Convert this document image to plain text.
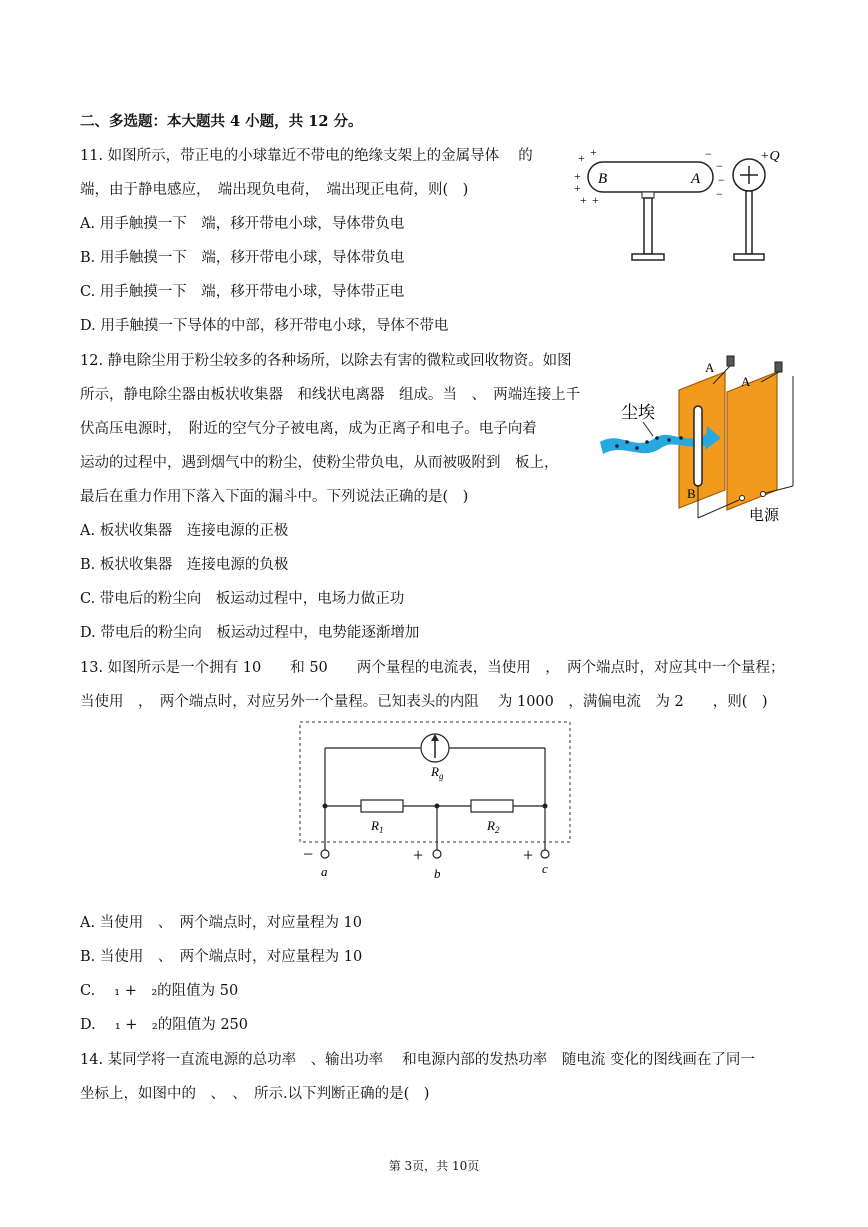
二、多选题：本大题共 4 小题，共 12 分。
11. 如图所示，带正电的小球靠近不带电的绝缘支架上的金属导体　 的
端，由于静电感应，　端出现负电荷，　端出现正电荷，则(　)
A. 用手触摸一下　端，移开带电小球，导体带负电
B. 用手触摸一下　端，移开带电小球，导体带负电
C. 用手触摸一下　端，移开带电小球，导体带正电
D. 用手触摸一下导体的中部，移开带电小球，导体不带电
B	A
+ +
+
+
+ +
−
−
−
−
+Q
12. 静电除尘用于粉尘较多的各种场所，以除去有害的微粒或回收物资。如图
所示，静电除尘器由板状收集器　和线状电离器　组成。当　、　两端连接上千
伏高压电源时，　附近的空气分子被电离，成为正离子和电子。电子向着
运动的过程中，遇到烟气中的粉尘，使粉尘带负电，从而被吸附到　板上，
最后在重力作用下落入下面的漏斗中。下列说法正确的是(　)
A. 板状收集器　连接电源的正极
B. 板状收集器　连接电源的负极
C. 带电后的粉尘向　板运动过程中，电场力做正功
D. 带电后的粉尘向　板运动过程中，电势能逐渐增加
尘埃
B
A
A
电源
13. 如图所示是一个拥有 10　　和 50　　两个量程的电流表，当使用　，　两个端点时，对应其中一个量程；
当使用　，　两个端点时，对应另外一个量程。已知表头的内阻　 为 1000　，满偏电流　为 2　　，则(　)
$R_g$
$R_1$	$R_2$
−	+	+
a	b	c
A. 当使用　、　两个端点时，对应量程为 10
B. 当使用　、　两个端点时，对应量程为 10
C. 　₁ +　₂的阻值为 50
D. 　₁ +　₂的阻值为 250
14. 某同学将一直流电源的总功率　、输出功率　 和电源内部的发热功率　随电流 变化的图线画在了同一
坐标上，如图中的　、　、　所示.以下判断正确的是(　)
第 3页，共 10页
